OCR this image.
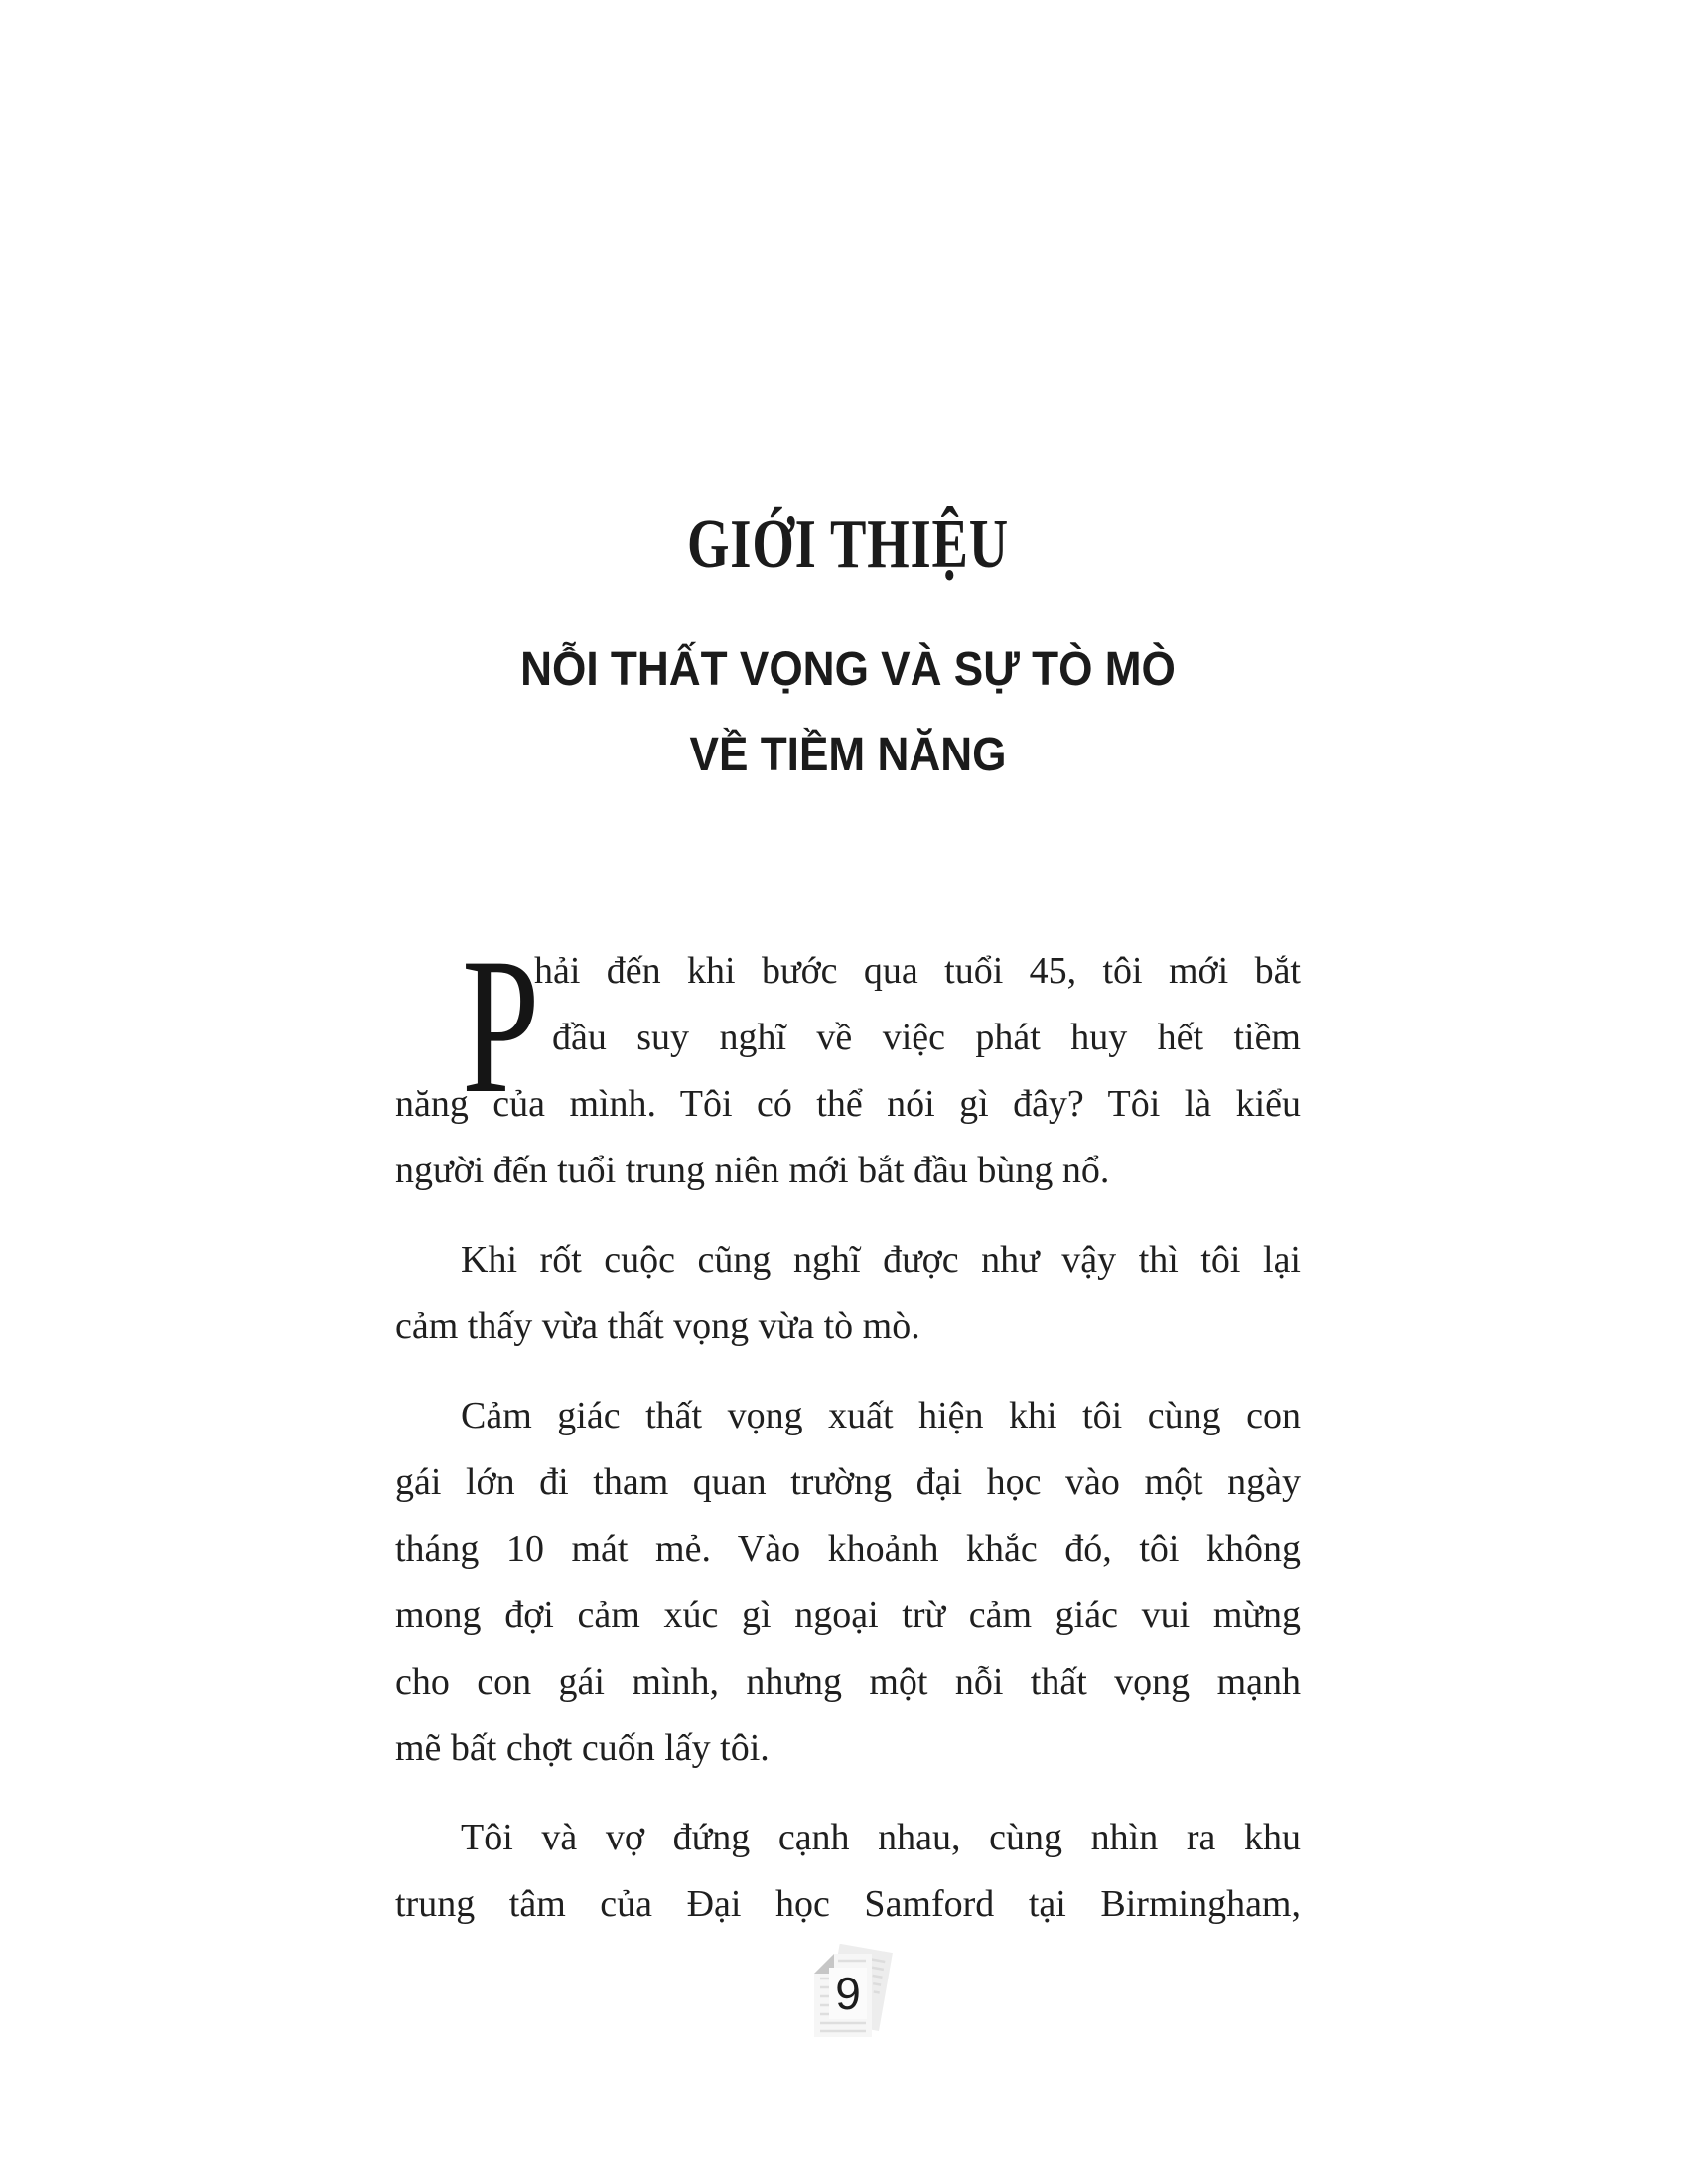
GIỚI THIỆU
NỖI THẤT VỌNG VÀ SỰ TÒ MÒ
VỀ TIỀM NĂNG
P
hải đến khi bước qua tuổi 45, tôi mới bắt
đầu suy nghĩ về việc phát huy hết tiềm
năng của mình. Tôi có thể nói gì đây? Tôi là kiểu
người đến tuổi trung niên mới bắt đầu bùng nổ.
Khi rốt cuộc cũng nghĩ được như vậy thì tôi lại
cảm thấy vừa thất vọng vừa tò mò.
Cảm giác thất vọng xuất hiện khi tôi cùng con
gái lớn đi tham quan trường đại học vào một ngày
tháng 10 mát mẻ. Vào khoảnh khắc đó, tôi không
mong đợi cảm xúc gì ngoại trừ cảm giác vui mừng
cho con gái mình, nhưng một nỗi thất vọng mạnh
mẽ bất chợt cuốn lấy tôi.
Tôi và vợ đứng cạnh nhau, cùng nhìn ra khu
trung tâm của Đại học Samford tại Birmingham,
9
